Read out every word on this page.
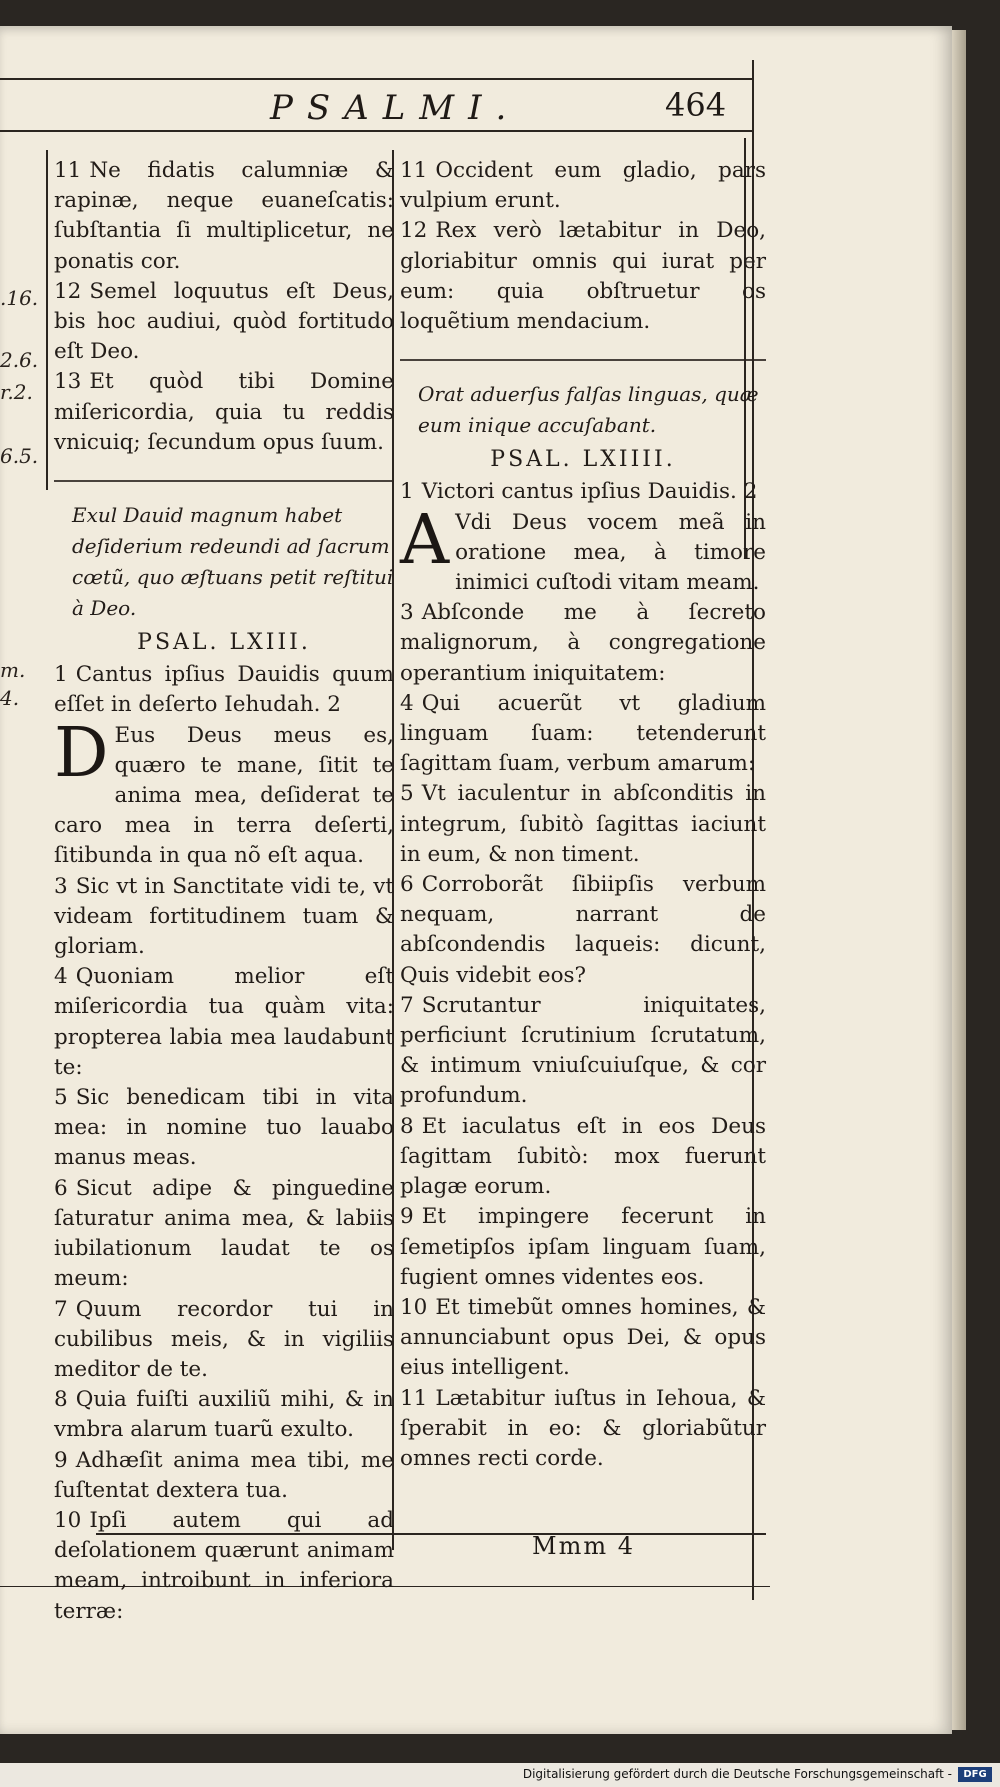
PSALMI.	464
.16.
2.6.
r.2.
6.5.
m.
4.

11 Ne fidatis calumniæ & rapinæ, neque euaneſcatis: ſubſtantia ſi multiplicetur, ne ponatis cor.

12 Semel loquutus eſt Deus, bis hoc audiui, quòd fortitudo eſt Deo.

13 Et quòd tibi Domine miſericordia, quia tu reddis vnicuiq; ſecundum opus ſuum.

Exul Dauid magnum habet deſiderium redeundi ad ſacrum cœtũ, quo æſtuans petit reſtitui à Deo.

PSAL. LXIII.

1 Cantus ipſius Dauidis quum eſſet in deſerto Iehudah. 2

D Eus Deus meus es, quæro te mane, ſitit te anima mea, deſiderat te caro mea in terra deſerti, ſitibunda in qua nõ eſt aqua.

3 Sic vt in Sanctitate vidi te, vt videam fortitudinem tuam & gloriam.

4 Quoniam melior eſt miſericordia tua quàm vita: propterea labia mea laudabunt te:

5 Sic benedicam tibi in vita mea: in nomine tuo lauabo manus meas.

6 Sicut adipe & pinguedine ſaturatur anima mea, & labiis iubilationum laudat te os meum:

7 Quum recordor tui in cubilibus meis, & in vigiliis meditor de te.

8 Quia fuiſti auxiliũ mihi, & in vmbra alarum tuarũ exulto.

9 Adhæſit anima mea tibi, me ſuſtentat dextera tua.

10 Ipſi autem qui ad deſolationem quærunt animam meam, introibunt in inferiora terræ:

11 Occident eum gladio, pars vulpium erunt.

12 Rex verò lætabitur in Deo, gloriabitur omnis qui iurat per eum: quia obſtruetur os loquẽtium mendacium.

Orat aduerſus falſas linguas, quæ eum inique accuſabant.

PSAL. LXIIII.

1 Victori cantus ipſius Dauidis. 2

A Vdi Deus vocem meã in oratione mea, à timore inimici cuſtodi vitam meam.

3 Abſconde me à ſecreto malignorum, à congregatione operantium iniquitatem:

4 Qui acuerũt vt gladium linguam ſuam: tetenderunt ſagittam ſuam, verbum amarum:

5 Vt iaculentur in abſconditis in integrum, ſubitò ſagittas iaciunt in eum, & non timent.

6 Corroborãt ſibiipſis verbum nequam, narrant de abſcondendis laqueis: dicunt, Quis videbit eos?

7 Scrutantur iniquitates, perficiunt ſcrutinium ſcrutatum, & intimum vniuſcuiuſque, & cor profundum.

8 Et iaculatus eſt in eos Deus ſagittam ſubitò: mox fuerunt plagæ eorum.

9 Et impingere fecerunt in ſemetipſos ipſam linguam ſuam, fugient omnes videntes eos.

10 Et timebũt omnes homines, & annunciabunt opus Dei, & opus eius intelligent.

11 Lætabitur iuſtus in Iehoua, & ſperabit in eo: & gloriabũtur omnes recti corde.

Mmm 4
Digitalisierung gefördert durch die Deutsche Forschungsgemeinschaft -	DFG
